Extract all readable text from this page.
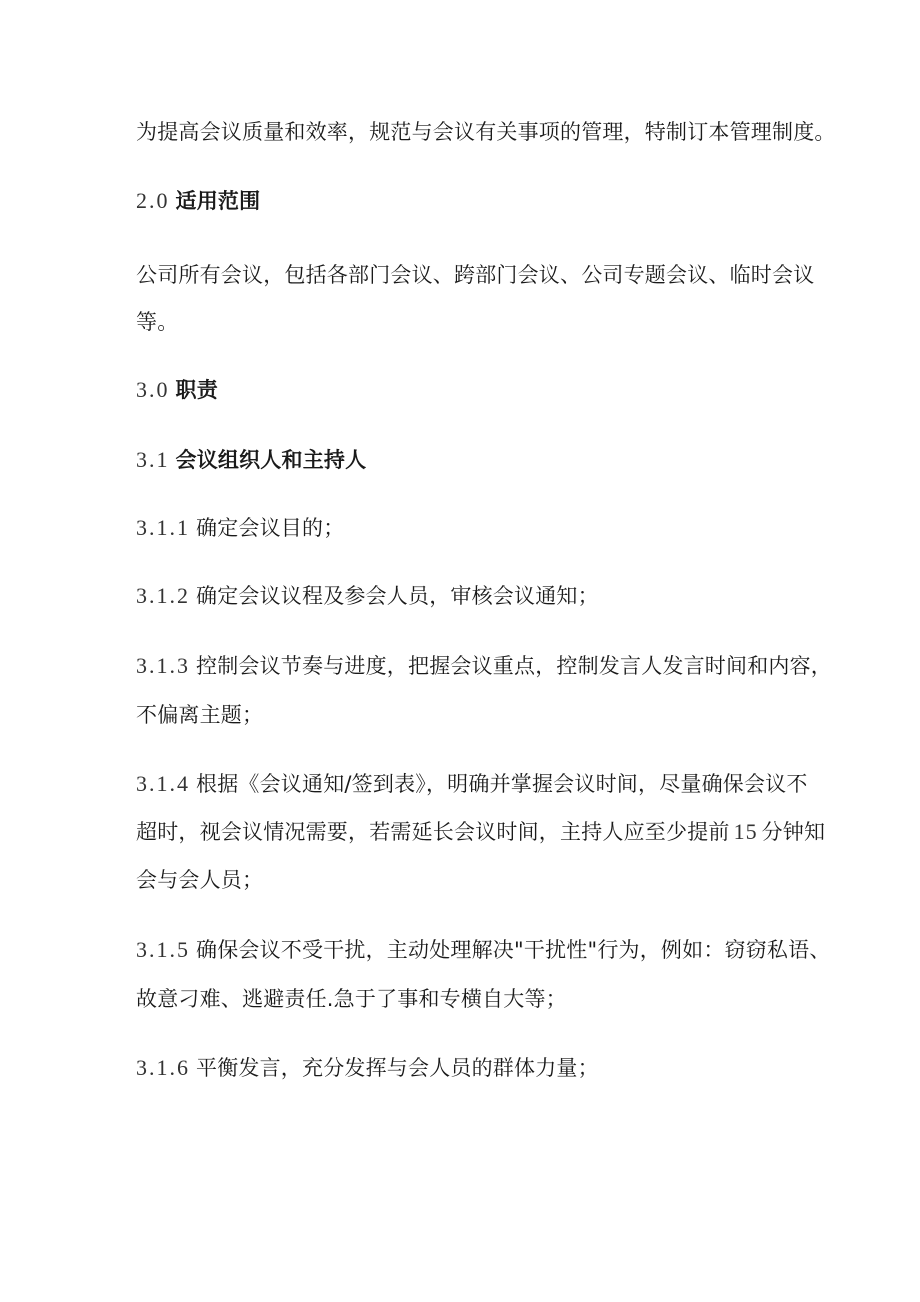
为提高会议质量和效率，规范与会议有关事项的管理，特制订本管理制度。
2.0 适用范围
公司所有会议，包括各部门会议、跨部门会议、公司专题会议、临时会议
等。
3.0 职责
3.1 会议组织人和主持人
3.1.1 确定会议目的；
3.1.2 确定会议议程及参会人员，审核会议通知；
3.1.3 控制会议节奏与进度，把握会议重点，控制发言人发言时间和内容，
不偏离主题；
3.1.4 根据《会议通知/签到表》，明确并掌握会议时间，尽量确保会议不
超时，视会议情况需要，若需延长会议时间，主持人应至少提前 15 分钟知
会与会人员；
3.1.5 确保会议不受干扰，主动处理解决"干扰性"行为，例如：窃窃私语、
故意刁难、逃避责任.急于了事和专横自大等；
3.1.6 平衡发言，充分发挥与会人员的群体力量；
